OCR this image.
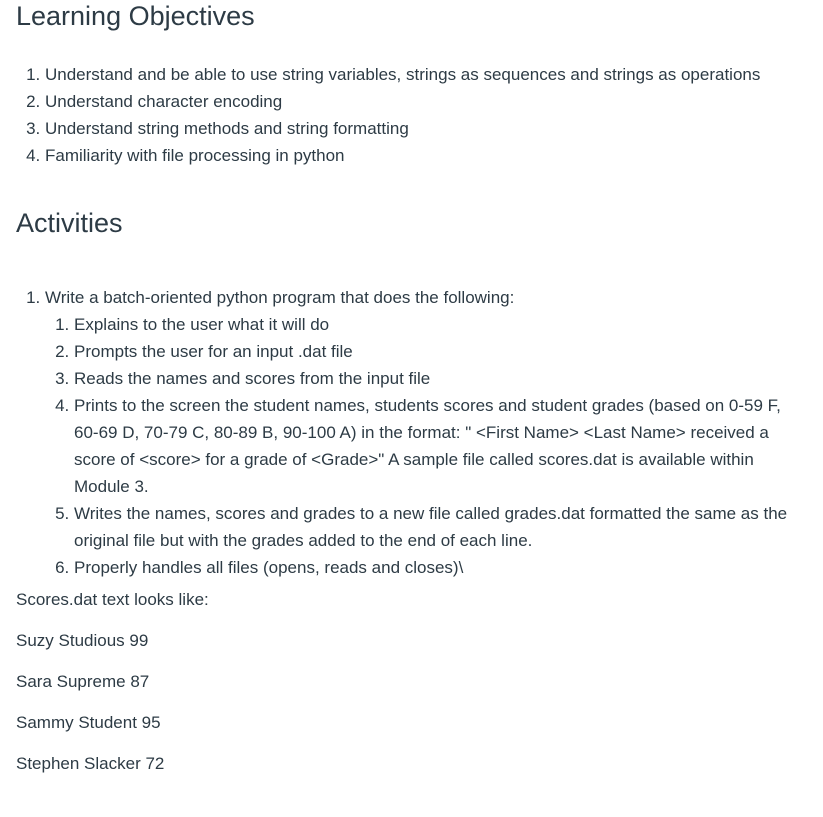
Learning Objectives
1. Understand and be able to use string variables, strings as sequences and strings as operations
2. Understand character encoding
3. Understand string methods and string formatting
4. Familiarity with file processing in python
Activities
1. Write a batch-oriented python program that does the following:
1. Explains to the user what it will do
2. Prompts the user for an input .dat file
3. Reads the names and scores from the input file
4. Prints to the screen the student names, students scores and student grades (based on 0-59 F, 60-69 D, 70-79 C, 80-89 B, 90-100 A) in the format: " <First Name> <Last Name> received a score of <score> for a grade of <Grade>" A sample file called scores.dat is available within Module 3.
5. Writes the names, scores and grades to a new file called grades.dat formatted the same as the original file but with the grades added to the end of each line.
6. Properly handles all files (opens, reads and closes)\

Scores.dat text looks like:

Suzy Studious 99

Sara Supreme 87

Sammy Student 95

Stephen Slacker 72
